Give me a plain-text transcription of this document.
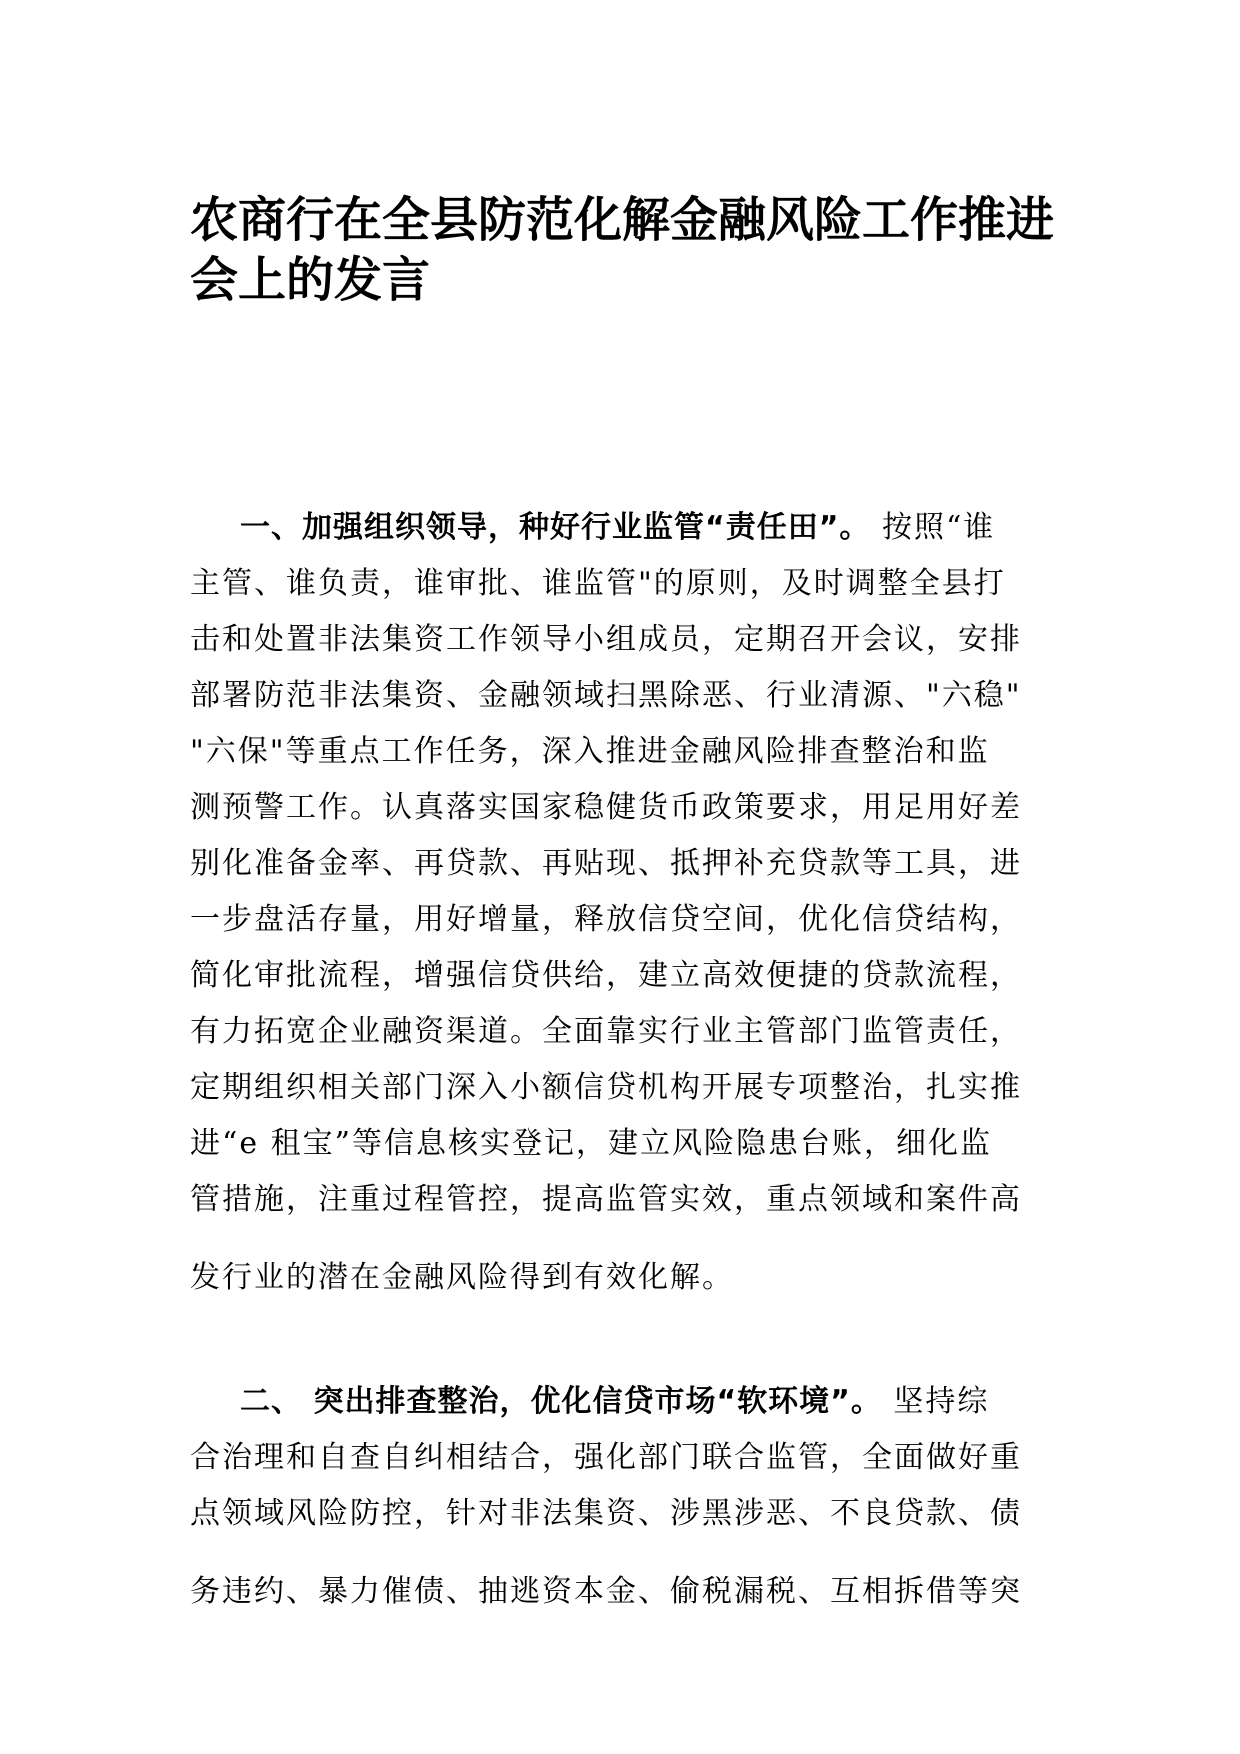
农商行在全县防范化解金融风险工作推进
会上的发言
一、加强组织领导，种好行业监管“责任田”。 按照“谁
主管、谁负责，谁审批、谁监管"的原则，及时调整全县打
击和处置非法集资工作领导小组成员，定期召开会议，安排
部署防范非法集资、金融领域扫黑除恶、行业清源、"六稳"
"六保"等重点工作任务，深入推进金融风险排查整治和监
测预警工作。认真落实国家稳健货币政策要求，用足用好差
别化准备金率、再贷款、再贴现、抵押补充贷款等工具，进
一步盘活存量，用好增量，释放信贷空间，优化信贷结构，
简化审批流程，增强信贷供给，建立高效便捷的贷款流程，
有力拓宽企业融资渠道。全面靠实行业主管部门监管责任，
定期组织相关部门深入小额信贷机构开展专项整治，扎实推
进“e 租宝”等信息核实登记，建立风险隐患台账，细化监
管措施，注重过程管控，提高监管实效，重点领域和案件高
发行业的潜在金融风险得到有效化解。
二、 突出排查整治，优化信贷市场“软环境”。 坚持综
合治理和自查自纠相结合，强化部门联合监管，全面做好重
点领域风险防控，针对非法集资、涉黑涉恶、不良贷款、债
务违约、暴力催债、抽逃资本金、偷税漏税、互相拆借等突
